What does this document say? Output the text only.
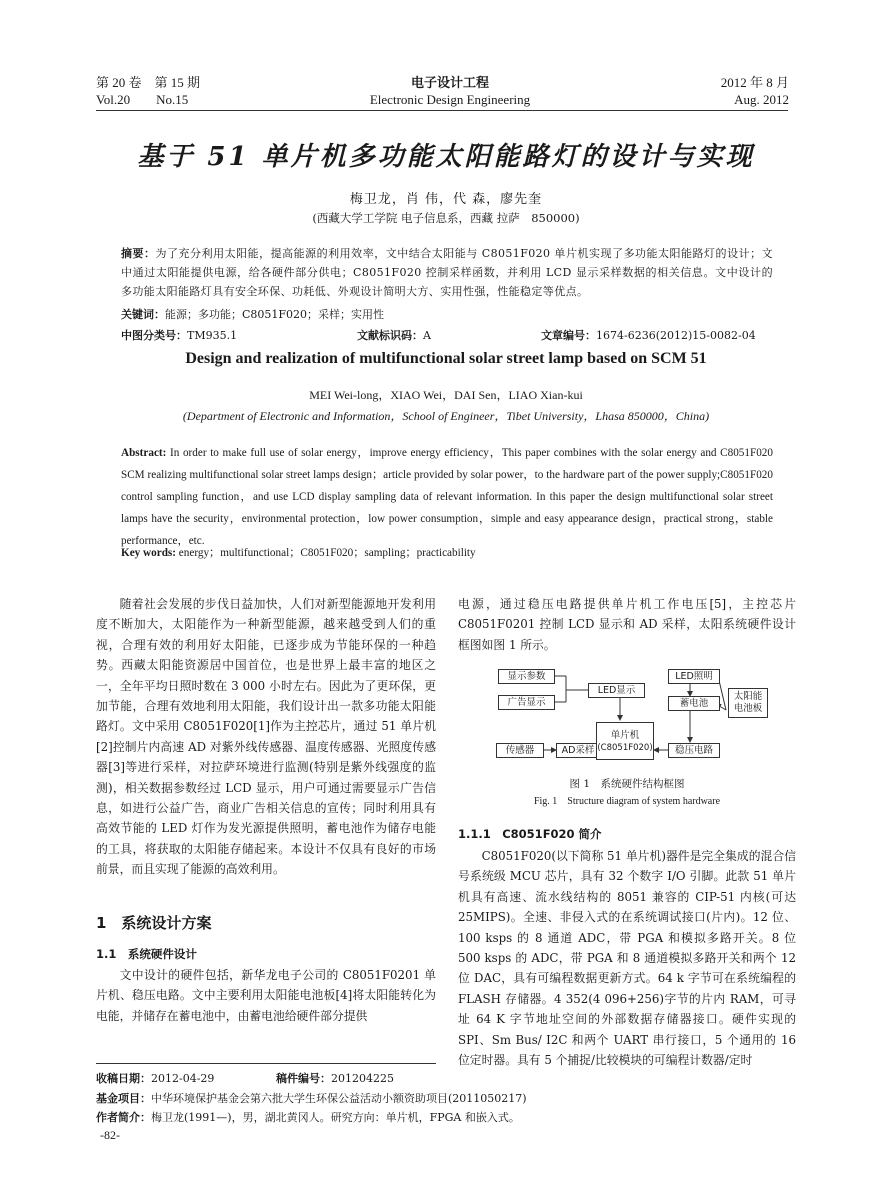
第 20 卷　第 15 期
Vol.20　　No.15
电子设计工程
Electronic Design Engineering
2012 年 8 月
Aug. 2012
基于 51 单片机多功能太阳能路灯的设计与实现
梅卫龙，肖 伟，代 森，廖先奎
(西藏大学工学院 电子信息系，西藏 拉萨　850000)
摘要：为了充分利用太阳能，提高能源的利用效率，文中结合太阳能与 C8051F020 单片机实现了多功能太阳能路灯的设计；文中通过太阳能提供电源，给各硬件部分供电；C8051F020 控制采样函数，并利用 LCD 显示采样数据的相关信息。文中设计的多功能太阳能路灯具有安全环保、功耗低、外观设计简明大方、实用性强，性能稳定等优点。
关键词：能源；多功能；C8051F020；采样；实用性
中图分类号：TM935.1	文献标识码：A	文章编号：1674-6236(2012)15-0082-04
Design and realization of multifunctional solar street lamp based on SCM 51
MEI Wei-long，XIAO Wei，DAI Sen，LIAO Xian-kui
(Department of Electronic and Information，School of Engineer，Tibet University，Lhasa 850000，China)
Abstract: In order to make full use of solar energy，improve energy efficiency，This paper combines with the solar energy and C8051F020 SCM realizing multifunctional solar street lamps design；article provided by solar power，to the hardware part of the power supply;C8051F020 control sampling function，and use LCD display sampling data of relevant information. In this paper the design multifunctional solar street lamps have the security，environmental protection，low power consumption，simple and easy appearance design，practical strong，stable performance，etc.
Key words: energy；multifunctional；C8051F020；sampling；practicability

随着社会发展的步伐日益加快，人们对新型能源地开发利用度不断加大，太阳能作为一种新型能源，越来越受到人们的重视，合理有效的利用好太阳能，已逐步成为节能环保的一种趋势。西藏太阳能资源居中国首位，也是世界上最丰富的地区之一，全年平均日照时数在 3 000 小时左右。因此为了更环保，更加节能，合理有效地利用太阳能，我们设计出一款多功能太阳能路灯。文中采用 C8051F020[1]作为主控芯片，通过 51 单片机[2]控制片内高速 AD 对紫外线传感器、温度传感器、光照度传感器[3]等进行采样，对拉萨环境进行监测(特别是紫外线强度的监测)，相关数据参数经过 LCD 显示，用户可通过需要显示广告信息，如进行公益广告，商业广告相关信息的宣传；同时利用具有高效节能的 LED 灯作为发光源提供照明，蓄电池作为储存电能的工具，将获取的太阳能存储起来。本设计不仅具有良好的市场前景，而且实现了能源的高效利用。

1　系统设计方案
1.1　系统硬件设计

文中设计的硬件包括，新华龙电子公司的 C8051F0201 单片机、稳压电路。文中主要利用太阳能电池板[4]将太阳能转化为电能，并储存在蓄电池中，由蓄电池给硬件部分提供

电源，通过稳压电路提供单片机工作电压[5]，主控芯片 C8051F0201 控制 LCD 显示和 AD 采样，太阳系统硬件设计框图如图 1 所示。

显示参数
广告显示
LED显示
传感器	AD采样
单片机
(C8051F020)
LED照明
蓄电池
稳压电路
太阳能
电池板
图 1　系统硬件结构框图
Fig. 1　Structure diagram of system hardware
1.1.1　C8051F020 简介

C8051F020(以下简称 51 单片机)器件是完全集成的混合信号系统级 MCU 芯片，具有 32 个数字 I/O 引脚。此款 51 单片机具有高速、流水线结构的 8051 兼容的 CIP-51 内核(可达 25MIPS)。全速、非侵入式的在系统调试接口(片内)。12 位、100 ksps 的 8 通道 ADC，带 PGA 和模拟多路开关。8 位 500 ksps 的 ADC，带 PGA 和 8 通道模拟多路开关和两个 12 位 DAC，具有可编程数据更新方式。64 k 字节可在系统编程的 FLASH 存储器。4 352(4 096+256)字节的片内 RAM，可寻址 64 K 字节地址空间的外部数据存储器接口。硬件实现的 SPI、Sm Bus/ I2C 和两个 UART 串行接口，5 个通用的 16 位定时器。具有 5 个捕捉/比较模块的可编程计数器/定时

收稿日期：2012-04-29	稿件编号：201204225
基金项目：中华环境保护基金会第六批大学生环保公益活动小额资助项目(2011050217)
作者简介：梅卫龙(1991—)，男，湖北黄冈人。研究方向：单片机，FPGA 和嵌入式。
-82-
